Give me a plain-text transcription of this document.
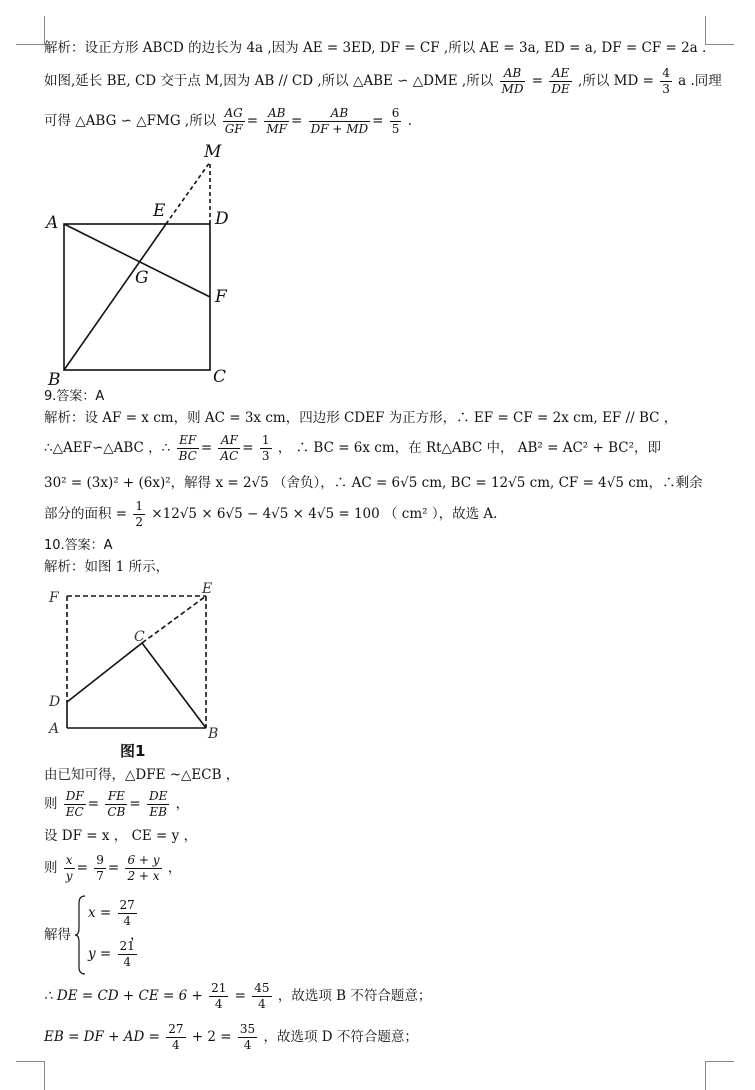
解析：设正方形 ABCD 的边长为 4a ,因为 AE = 3ED, DF = CF ,所以 AE = 3a, ED = a, DF = CF = 2a .
如图,延长 BE, CD 交于点 M,因为 AB // CD ,所以 △ABE ∽ △DME ,所以 $\frac{AB}{MD} = \frac{AE}{DE}$ ,所以 MD = $\frac{4}{3}$ a .同理
可得 △ABG ∽ △FMG ,所以 $\frac{AG}{GF} = \frac{AB}{MF} = \frac{AB}{DF + MD} = \frac{6}{5}$ .
M
A
E	D
G
F
B	C
9.答案：A
解析：设 AF = x cm，则 AC = 3x cm，四边形 CDEF 为正方形，∴ EF = CF = 2x cm, EF // BC ，
∴△AEF∽△ABC ，∴ $\frac{EF}{BC} = \frac{AF}{AC} = \frac{1}{3}$ ， ∴ BC = 6x cm，在 Rt△ABC 中， AB² = AC² + BC²，即
30² = (3x)² + (6x)²，解得 x = 2√5 （舍负），∴ AC = 6√5 cm, BC = 12√5 cm, CF = 4√5 cm，∴剩余
部分的面积 = $\frac{1}{2} \times 12√5 \times 6√5 - 4√5 \times 4√5 = 100$ （ cm² ），故选 A.
10.答案：A
解析：如图 1 所示，
F
E
C
D
A	B
图1
由已知可得，△DFE ~△ECB ，
则 $\frac{DF}{EC} = \frac{FE}{CB} = \frac{DE}{EB}$ ，
设 DF = x ， CE = y ，
则 $\frac{x}{y} = \frac{9}{7} = \frac{6 + y}{2 + x}$ ，
解得
$x = \frac{27}{4}$
$y = \frac{21}{4}$
，
∴ DE = CD + CE = $6 + \frac{21}{4} = \frac{45}{4}$ ，故选项 B 不符合题意；
EB = DF + AD = $\frac{27}{4} + 2 = \frac{35}{4}$ ，故选项 D 不符合题意；
